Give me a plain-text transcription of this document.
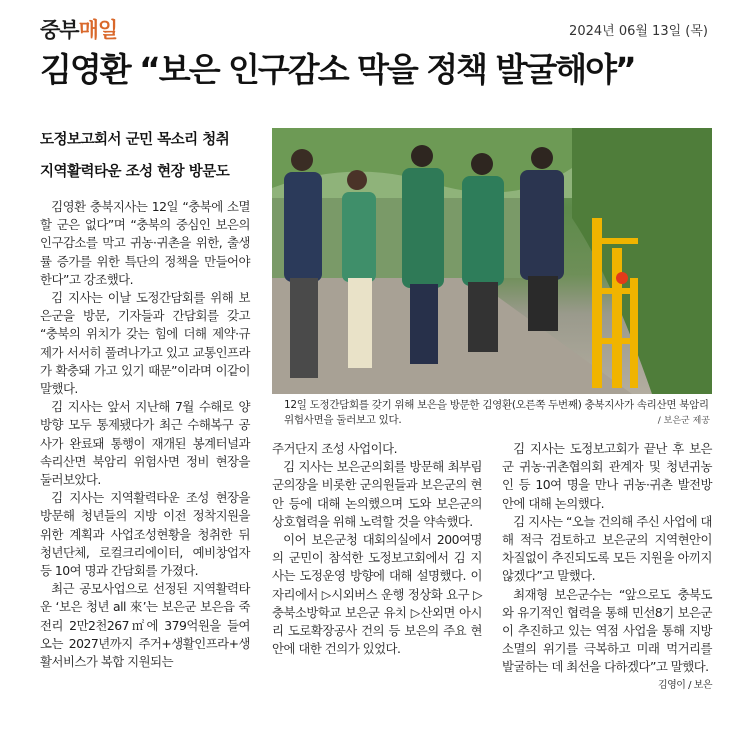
중부매일	2024년 06월 13일 (목)
김영환 “보은 인구감소 막을 정책 발굴해야”
도정보고회서 군민 목소리 청취
지역활력타운 조성 현장 방문도
12일 도정간담회를 갖기 위해 보은을 방문한 김영환(오른쪽 두번째) 충북지사가 속리산면 북암리 위험사면을 둘러보고 있다.	/ 보은군 제공

김영환 충북지사는 12일 “충북에 소멸할 군은 없다”며 “충북의 중심인 보은의 인구감소를 막고 귀농·귀촌을 위한, 출생률 증가를 위한 특단의 정책을 만들어야 한다”고 강조했다.

김 지사는 이날 도정간담회를 위해 보은군을 방문, 기자들과 간담회를 갖고 “충북의 위치가 갖는 힘에 더해 제약·규제가 서서히 풀려나가고 있고 교통인프라가 확충돼 가고 있기 때문”이라며 이같이 말했다.

김 지사는 앞서 지난해 7월 수해로 양방향 모두 통제됐다가 최근 수해복구 공사가 완료돼 통행이 재개된 봉계터널과 속리산면 북암리 위험사면 정비 현장을 둘러보았다.

김 지사는 지역활력타운 조성 현장을 방문해 청년들의 지방 이전 정착지원을 위한 계획과 사업조성현황을 청취한 뒤 청년단체, 로컬크리에이터, 예비창업자 등 10여 명과 간담회를 가졌다.

최근 공모사업으로 선정된 지역활력타운 ‘보은 청년 all 來’는 보은군 보은읍 죽전리 2만2천267㎡에 379억원을 들여 오는 2027년까지 주거+생활인프라+생활서비스가 복합 지원되는

주거단지 조성 사업이다.

김 지사는 보은군의회를 방문해 최부림 군의장을 비롯한 군의원들과 보은군의 현안 등에 대해 논의했으며 도와 보은군의 상호협력을 위해 노력할 것을 약속했다.

이어 보은군청 대회의실에서 200여명의 군민이 참석한 도정보고회에서 김 지사는 도정운영 방향에 대해 설명했다. 이 자리에서 ▷시외버스 운행 정상화 요구 ▷충북소방학교 보은군 유치 ▷산외면 아시리 도로확장공사 건의 등 보은의 주요 현안에 대한 건의가 있었다.

김 지사는 도정보고회가 끝난 후 보은군 귀농·귀촌협의회 관계자 및 청년귀농인 등 10여 명을 만나 귀농·귀촌 발전방안에 대해 논의했다.

김 지사는 “오늘 건의해 주신 사업에 대해 적극 검토하고 보은군의 지역현안이 차질없이 추진되도록 모든 지원을 아끼지 않겠다”고 말했다.

최재형 보은군수는 “앞으로도 충북도와 유기적인 협력을 통해 민선8기 보은군이 추진하고 있는 역점 사업을 통해 지방소멸의 위기를 극복하고 미래 먹거리를 발굴하는 데 최선을 다하겠다”고 말했다.

김영이 / 보은
